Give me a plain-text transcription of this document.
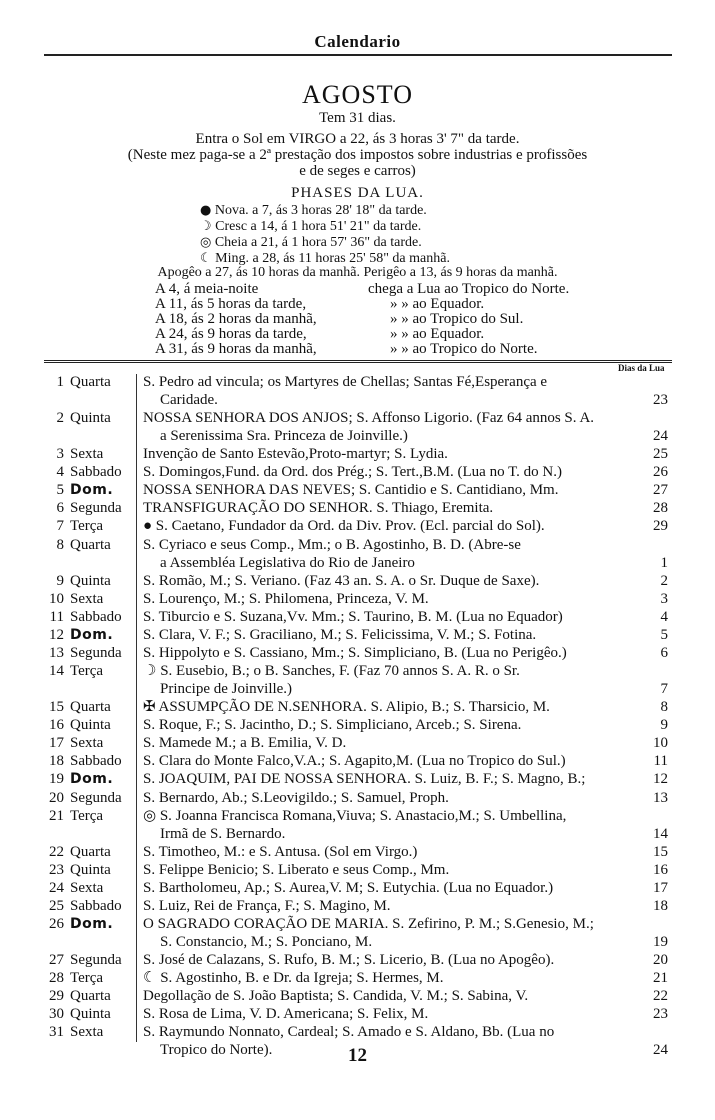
Calendario
AGOSTO
Tem 31 dias.
Entra o Sol em VIRGO a 22, ás 3 horas 3' 7" da tarde.
(Neste mez paga-se a 2ª prestação dos impostos sobre industrias e profissões
e de seges e carros)
PHASES DA LUA.
● Nova. a 7, ás 3 horas 28' 18" da tarde.
☽ Cresc a 14, á 1 hora 51' 21" da tarde.
◎ Cheia a 21, á 1 hora 57' 36" da tarde.
☾ Ming. a 28, ás 11 horas 25' 58" da manhã.
Apogêo a 27, ás 10 horas da manhã. Perigêo a 13, ás 9 horas da manhã.
A 4, á meia-noite	chega a Lua ao Tropico do Norte.
A 11, ás 5 horas da tarde,	» » ao Equador.
A 18, ás 2 horas da manhã,	» » ao Tropico do Sul.
A 24, ás 9 horas da tarde,	» » ao Equador.
A 31, ás 9 horas da manhã,	» » ao Tropico do Norte.
Dias da Lua
1 Quarta S. Pedro ad vincula; os Martyres de Chellas; Santas Fé,Esperança e
Caridade.	23
2 Quinta NOSSA SENHORA DOS ANJOS; S. Affonso Ligorio. (Faz 64 annos S. A.
a Serenissima Sra. Princeza de Joinville.)	24
3 Sexta	Invenção de Santo Estevão,Proto-martyr; S. Lydia.	25
4 Sabbado S. Domingos,Fund. da Ord. dos Prég.; S. Tert.,B.M. (Lua no T. do N.)	26
5 Dom. NOSSA SENHORA DAS NEVES; S. Cantidio e S. Cantidiano, Mm.	27
6 Segunda TRANSFIGURAÇÃO DO SENHOR. S. Thiago, Eremita.	28
7 Terça	● S. Caetano, Fundador da Ord. da Div. Prov. (Ecl. parcial do Sol).	29
8 Quarta S. Cyriaco e seus Comp., Mm.; o B. Agostinho, B. D. (Abre-se
a Assembléa Legislativa do Rio de Janeiro	1
9 Quinta S. Romão, M.; S. Veriano. (Faz 43 an. S. A. o Sr. Duque de Saxe).	2
10 Sexta	S. Lourenço, M.; S. Philomena, Princeza, V. M.	3
11 Sabbado S. Tiburcio e S. Suzana,Vv. Mm.; S. Taurino, B. M. (Lua no Equador)	4
12 Dom. S. Clara, V. F.; S. Graciliano, M.; S. Felicissima, V. M.; S. Fotina.	5
13 Segunda S. Hippolyto e S. Cassiano, Mm.; S. Simpliciano, B. (Lua no Perigêo.)	6
14 Terça	☽ S. Eusebio, B.; o B. Sanches, F. (Faz 70 annos S. A. R. o Sr.
Principe de Joinville.)	7
15 Quarta ✠ ASSUMPÇÃO DE N.SENHORA. S. Alipio, B.; S. Tharsicio, M.	8
16 Quinta S. Roque, F.; S. Jacintho, D.; S. Simpliciano, Arceb.; S. Sirena.	9
17 Sexta	S. Mamede M.; a B. Emilia, V. D.	10
18 Sabbado S. Clara do Monte Falco,V.A.; S. Agapito,M. (Lua no Tropico do Sul.)	11
19 Dom. S. JOAQUIM, PAI DE NOSSA SENHORA. S. Luiz, B. F.; S. Magno, B.;	12
20 Segunda S. Bernardo, Ab.; S.Leovigildo.; S. Samuel, Proph.	13
21 Terça	◎ S. Joanna Francisca Romana,Viuva; S. Anastacio,M.; S. Umbellina,
Irmã de S. Bernardo.	14
22 Quarta S. Timotheo, M.: e S. Antusa. (Sol em Virgo.)	15
23 Quinta S. Felippe Benicio; S. Liberato e seus Comp., Mm.	16
24 Sexta	S. Bartholomeu, Ap.; S. Aurea,V. M; S. Eutychia. (Lua no Equador.)	17
25 Sabbado S. Luiz, Rei de França, F.; S. Magino, M.	18
26 Dom. O SAGRADO CORAÇÃO DE MARIA. S. Zefirino, P. M.; S.Genesio, M.;
S. Constancio, M.; S. Ponciano, M.	19
27 Segunda S. José de Calazans, S. Rufo, B. M.; S. Licerio, B. (Lua no Apogêo).	20
28 Terça	☾ S. Agostinho, B. e Dr. da Igreja; S. Hermes, M.	21
29 Quarta Degollação de S. João Baptista; S. Candida, V. M.; S. Sabina, V.	22
30 Quinta S. Rosa de Lima, V. D. Americana; S. Felix, M.	23
31 Sexta	S. Raymundo Nonnato, Cardeal; S. Amado e S. Aldano, Bb. (Lua no
Tropico do Norte).	24
12
